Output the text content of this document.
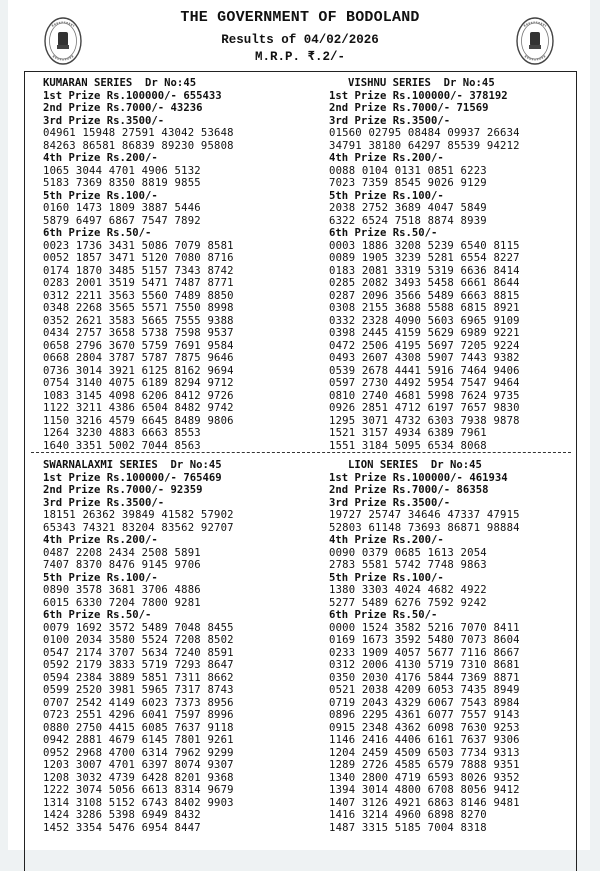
THE GOVERNMENT OF BODOLAND
Results of 04/02/2026
M.R.P. ₹.2/-
KUMARAN SERIES  Dr No:45
1st Prize Rs.100000/- 655433
2nd Prize Rs.7000/- 43236
3rd Prize Rs.3500/-
04961 15948 27591 43042 53648
84263 86581 86839 89230 95808
4th Prize Rs.200/-
1065 3044 4701 4906 5132
5183 7369 8350 8819 9855
5th Prize Rs.100/-
0160 1473 1809 3887 5446
5879 6497 6867 7547 7892
6th Prize Rs.50/-
0023 1736 3431 5086 7079 8581
0052 1857 3471 5120 7080 8716
0174 1870 3485 5157 7343 8742
0283 2001 3519 5471 7487 8771
0312 2211 3563 5560 7489 8850
0348 2268 3565 5571 7550 8998
0352 2621 3583 5665 7555 9388
0434 2757 3658 5738 7598 9537
0658 2796 3670 5759 7691 9584
0668 2804 3787 5787 7875 9646
0736 3014 3921 6125 8162 9694
0754 3140 4075 6189 8294 9712
1083 3145 4098 6206 8412 9726
1122 3211 4386 6504 8482 9742
1150 3216 4579 6645 8489 9806
1264 3230 4883 6663 8553
1640 3351 5002 7044 8563
VISHNU SERIES  Dr No:45
1st Prize Rs.100000/- 378192
2nd Prize Rs.7000/- 71569
3rd Prize Rs.3500/-
01560 02795 08484 09937 26634
34791 38180 64297 85539 94212
4th Prize Rs.200/-
0088 0104 0131 0851 6223
7023 7359 8545 9026 9129
5th Prize Rs.100/-
2038 2752 3689 4047 5849
6322 6524 7518 8874 8939
6th Prize Rs.50/-
0003 1886 3208 5239 6540 8115
0089 1905 3239 5281 6554 8227
0183 2081 3319 5319 6636 8414
0285 2082 3493 5458 6661 8644
0287 2096 3566 5489 6663 8815
0308 2155 3688 5588 6815 8921
0332 2328 4090 5603 6965 9109
0398 2445 4159 5629 6989 9221
0472 2506 4195 5697 7205 9224
0493 2607 4308 5907 7443 9382
0539 2678 4441 5916 7464 9406
0597 2730 4492 5954 7547 9464
0810 2740 4681 5998 7624 9735
0926 2851 4712 6197 7657 9830
1295 3071 4732 6303 7938 9878
1521 3157 4934 6389 7961
1551 3184 5095 6534 8068
SWARNALAXMI SERIES  Dr No:45
1st Prize Rs.100000/- 765469
2nd Prize Rs.7000/- 92359
3rd Prize Rs.3500/-
18151 26362 39849 41582 57902
65343 74321 83204 83562 92707
4th Prize Rs.200/-
0487 2208 2434 2508 5891
7407 8370 8476 9145 9706
5th Prize Rs.100/-
0890 3578 3681 3706 4886
6015 6330 7204 7800 9281
6th Prize Rs.50/-
0079 1692 3572 5489 7048 8455
0100 2034 3580 5524 7208 8502
0547 2174 3707 5634 7240 8591
0592 2179 3833 5719 7293 8647
0594 2384 3889 5851 7311 8662
0599 2520 3981 5965 7317 8743
0707 2542 4149 6023 7373 8956
0723 2551 4296 6041 7597 8996
0880 2750 4415 6085 7637 9118
0942 2881 4679 6145 7801 9261
0952 2968 4700 6314 7962 9299
1203 3007 4701 6397 8074 9307
1208 3032 4739 6428 8201 9368
1222 3074 5056 6613 8314 9679
1314 3108 5152 6743 8402 9903
1424 3286 5398 6949 8432
1452 3354 5476 6954 8447
LION SERIES  Dr No:45
1st Prize Rs.100000/- 461934
2nd Prize Rs.7000/- 86358
3rd Prize Rs.3500/-
19727 25747 34646 47337 47915
52803 61148 73693 86871 98884
4th Prize Rs.200/-
0090 0379 0685 1613 2054
2783 5581 5742 7748 9863
5th Prize Rs.100/-
1380 3303 4024 4682 4922
5277 5489 6276 7592 9242
6th Prize Rs.50/-
0000 1524 3582 5216 7070 8411
0169 1673 3592 5480 7073 8604
0233 1909 4057 5677 7116 8667
0312 2006 4130 5719 7310 8681
0350 2030 4176 5844 7369 8871
0521 2038 4209 6053 7435 8949
0719 2043 4329 6067 7543 8984
0896 2295 4361 6077 7557 9143
0915 2348 4362 6098 7630 9253
1146 2416 4406 6161 7637 9306
1204 2459 4509 6503 7734 9313
1289 2726 4585 6579 7888 9351
1340 2800 4719 6593 8026 9352
1394 3014 4800 6708 8056 9412
1407 3126 4921 6863 8146 9481
1416 3214 4960 6898 8270
1487 3315 5185 7004 8318
